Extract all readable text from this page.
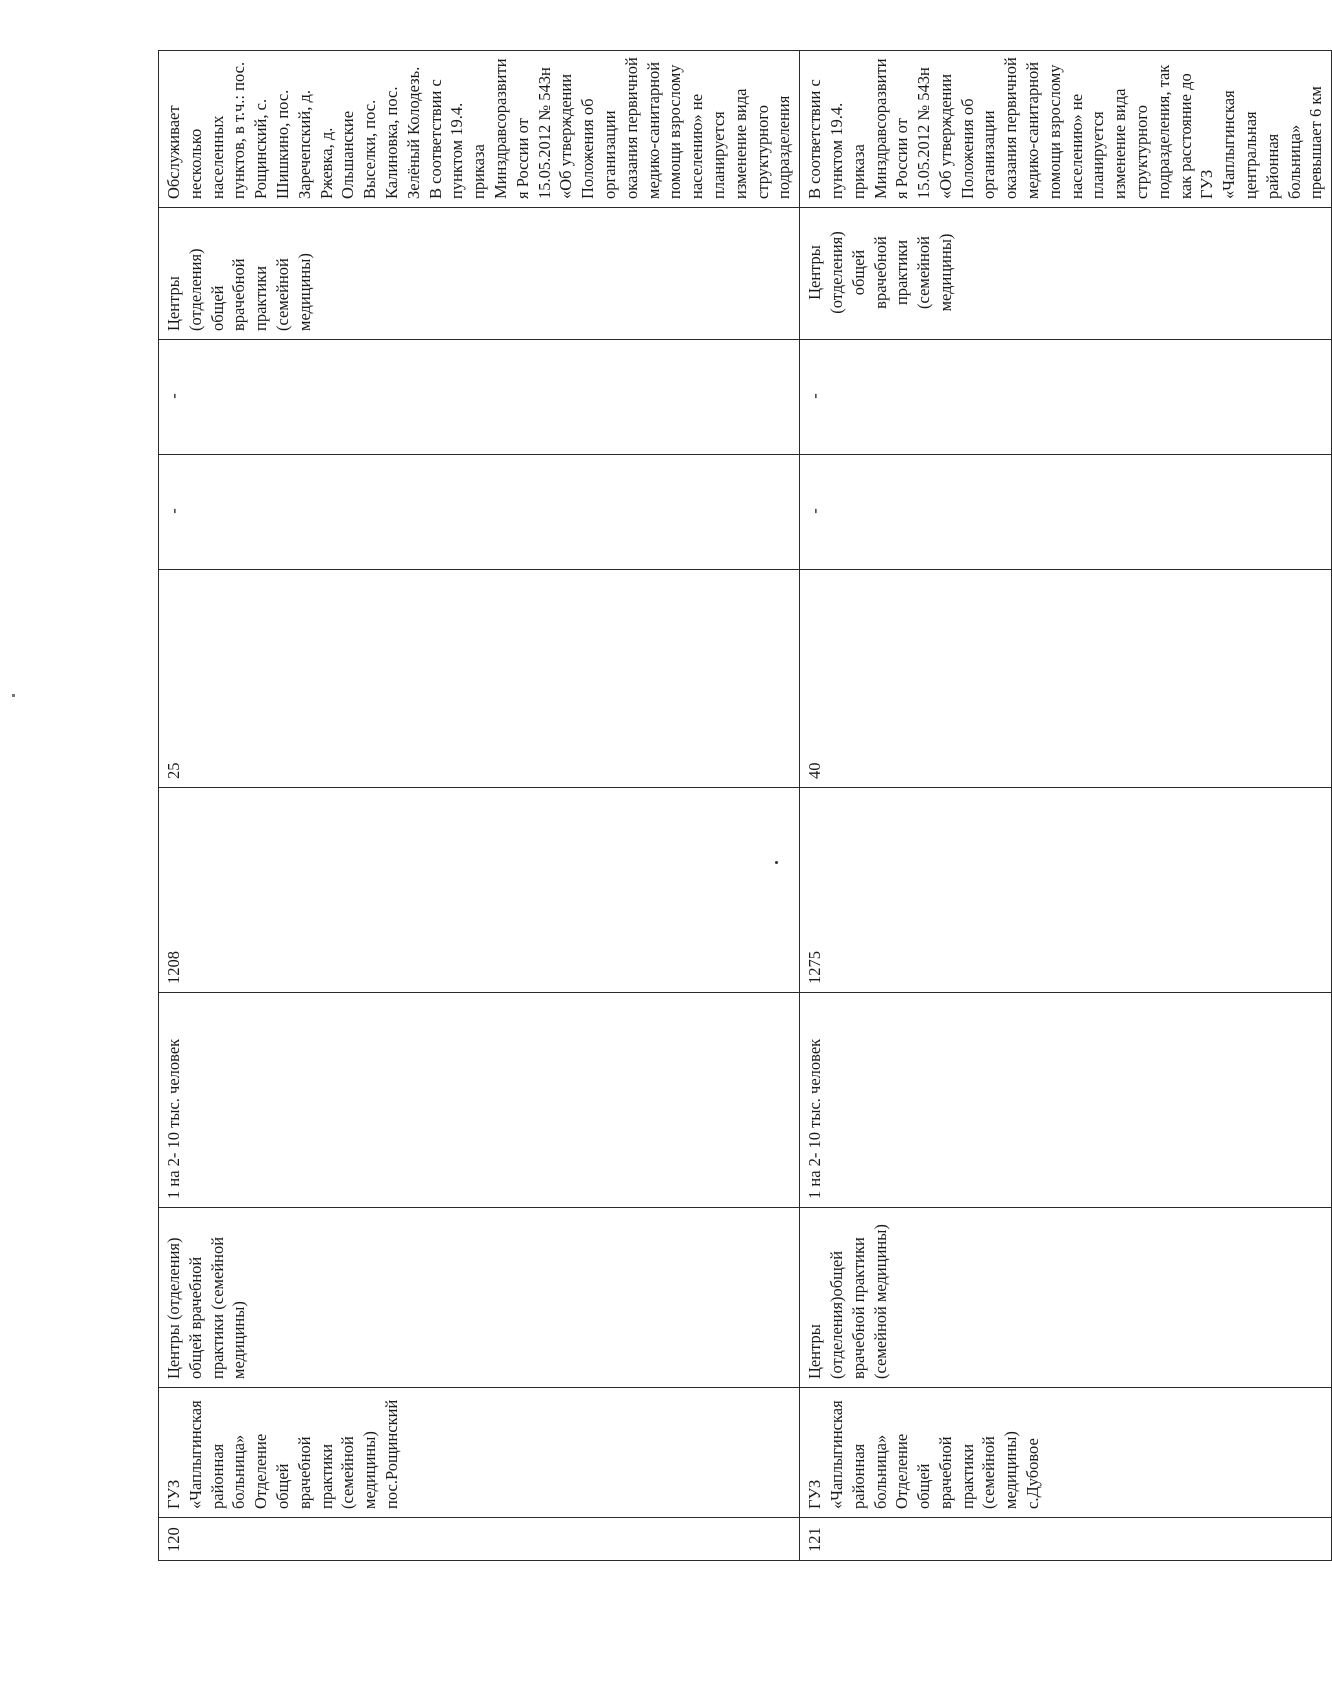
120	ГУЗ «Чаплыгинская районная больница» Отделение общей врачебной практики (семейной медицины) пос.Рощинский	Центры (отделения) общей врачебной практики (семейной медицины)	1 на 2- 10 тыс. человек	1208	25	-	-	Центры (отделения) общей врачебной практики (семейной медицины)	Обслуживает несколько населенных пунктов, в т.ч.: пос. Рощинский, с. Шишкино, пос. Заречепский, д. Ржевка, д. Ольшанские Выселки, пос. Калиновка, пос. Зелёный Колодезь. В соответствии с пунктом 19.4. приказа Минздравсоразвития России от 15.05.2012 № 543н «Об утверждении Положения об организации оказания первичной медико-санитарной помощи взрослому населению» не планируется изменение вида структурного подразделения
121	ГУЗ «Чаплыгинская районная больница» Отделение общей врачебной практики (семейной медицины) с.Дубовое	Центры (отделения)общей врачебной практики (семейной медицины)	1 на 2- 10 тыс. человек	1275	40	-	-	Центры (отделения) общей врачебной практики (семейной медицины)	В соответствии с пунктом 19.4. приказа Минздравсоразвития России от 15.05.2012 № 543н «Об утверждении Положения об организации оказания первичной медико-санитарной помощи взрослому населению» не планируется изменение вида структурного подразделения, так как расстояние до ГУЗ «Чаплыгинская центральная районная больница» превышает 6 км
